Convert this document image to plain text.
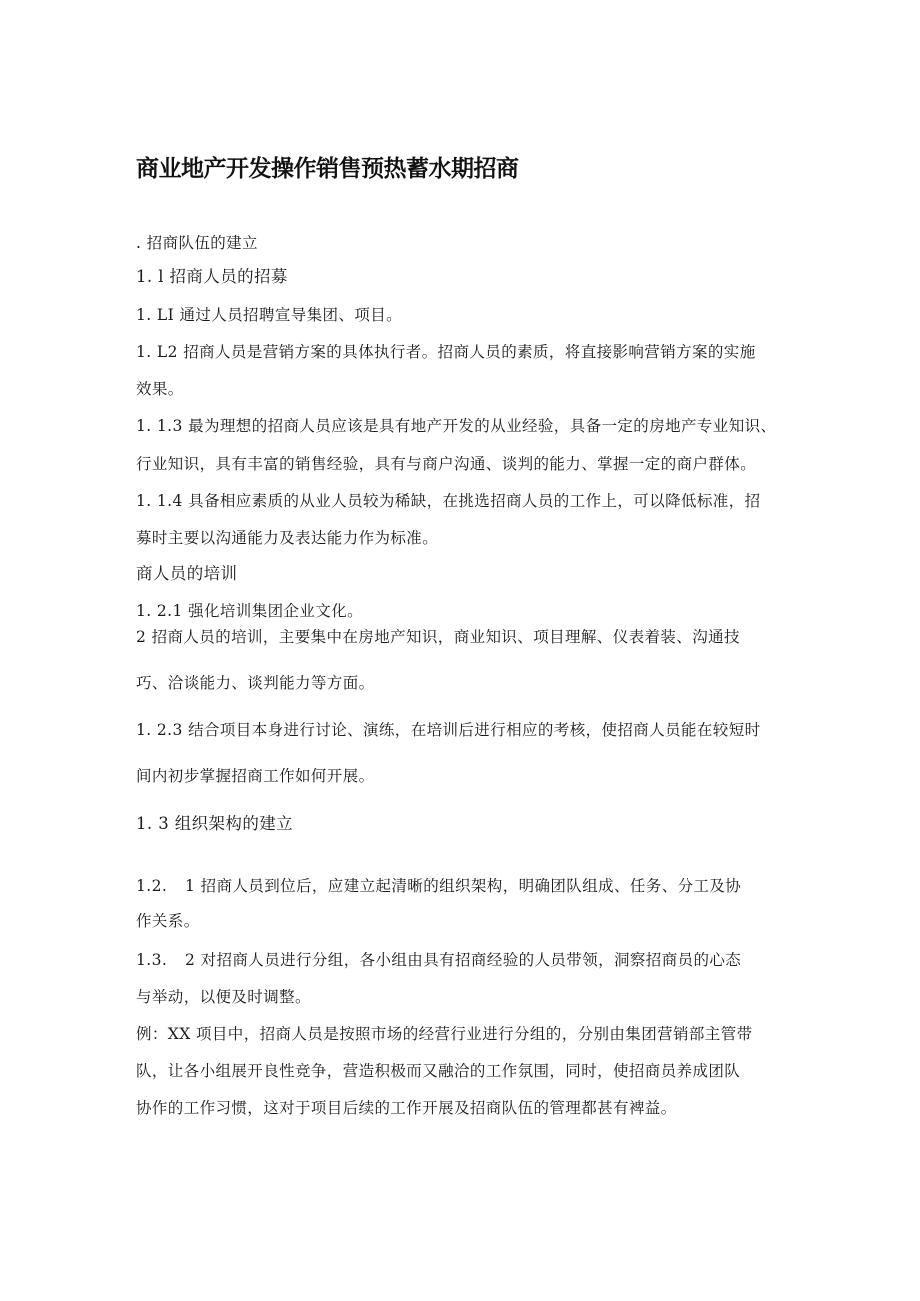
商业地产开发操作销售预热蓄水期招商
. 招商队伍的建立
1. l 招商人员的招募
1. LI 通过人员招聘宣导集团、项目。
1. L2 招商人员是营销方案的具体执行者。招商人员的素质，将直接影响营销方案的实施
效果。
1. 1.3 最为理想的招商人员应该是具有地产开发的从业经验，具备一定的房地产专业知识、
行业知识，具有丰富的销售经验，具有与商户沟通、谈判的能力、掌握一定的商户群体。
1. 1.4 具备相应素质的从业人员较为稀缺，在挑选招商人员的工作上，可以降低标准，招
募时主要以沟通能力及表达能力作为标准。
商人员的培训
1. 2.1 强化培训集团企业文化。
2 招商人员的培训，主要集中在房地产知识，商业知识、项目理解、仪表着装、沟通技
巧、洽谈能力、谈判能力等方面。
1. 2.3 结合项目本身进行讨论、演练，在培训后进行相应的考核，使招商人员能在较短时
间内初步掌握招商工作如何开展。
1. 3 组织架构的建立
1.2. 1 招商人员到位后，应建立起清晰的组织架构，明确团队组成、任务、分工及协
作关系。
1.3. 2 对招商人员进行分组，各小组由具有招商经验的人员带领，洞察招商员的心态
与举动，以便及时调整。
例：XX 项目中，招商人员是按照市场的经营行业进行分组的，分别由集团营销部主管带
队，让各小组展开良性竞争，营造积极而又融洽的工作氛围，同时，使招商员养成团队
协作的工作习惯，这对于项目后续的工作开展及招商队伍的管理都甚有裨益。
